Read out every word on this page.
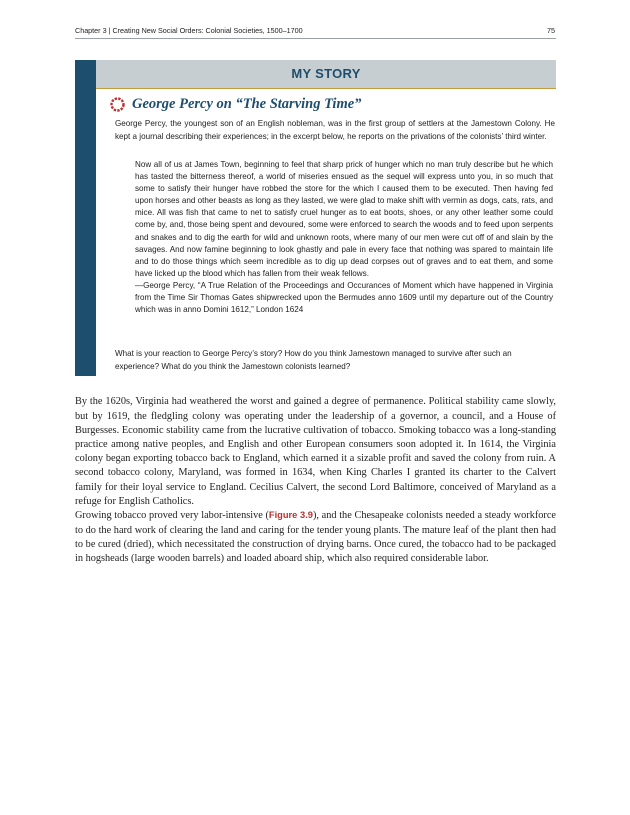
Chapter 3 | Creating New Social Orders: Colonial Societies, 1500–1700	75
MY STORY
George Percy on “The Starving Time”
George Percy, the youngest son of an English nobleman, was in the first group of settlers at the Jamestown Colony. He kept a journal describing their experiences; in the excerpt below, he reports on the privations of the colonists’ third winter.
Now all of us at James Town, beginning to feel that sharp prick of hunger which no man truly describe but he which has tasted the bitterness thereof, a world of miseries ensued as the sequel will express unto you, in so much that some to satisfy their hunger have robbed the store for the which I caused them to be executed. Then having fed upon horses and other beasts as long as they lasted, we were glad to make shift with vermin as dogs, cats, rats, and mice. All was fish that came to net to satisfy cruel hunger as to eat boots, shoes, or any other leather some could come by, and, those being spent and devoured, some were enforced to search the woods and to feed upon serpents and snakes and to dig the earth for wild and unknown roots, where many of our men were cut off of and slain by the savages. And now famine beginning to look ghastly and pale in every face that nothing was spared to maintain life and to do those things which seem incredible as to dig up dead corpses out of graves and to eat them, and some have licked up the blood which has fallen from their weak fellows.
—George Percy, “A True Relation of the Proceedings and Occurances of Moment which have happened in Virginia from the Time Sir Thomas Gates shipwrecked upon the Bermudes anno 1609 until my departure out of the Country which was in anno Domini 1612,” London 1624
What is your reaction to George Percy’s story? How do you think Jamestown managed to survive after such an experience? What do you think the Jamestown colonists learned?

By the 1620s, Virginia had weathered the worst and gained a degree of permanence. Political stability came slowly, but by 1619, the fledgling colony was operating under the leadership of a governor, a council, and a House of Burgesses. Economic stability came from the lucrative cultivation of tobacco. Smoking tobacco was a long-standing practice among native peoples, and English and other European consumers soon adopted it. In 1614, the Virginia colony began exporting tobacco back to England, which earned it a sizable profit and saved the colony from ruin. A second tobacco colony, Maryland, was formed in 1634, when King Charles I granted its charter to the Calvert family for their loyal service to England. Cecilius Calvert, the second Lord Baltimore, conceived of Maryland as a refuge for English Catholics.

Growing tobacco proved very labor-intensive (Figure 3.9), and the Chesapeake colonists needed a steady workforce to do the hard work of clearing the land and caring for the tender young plants. The mature leaf of the plant then had to be cured (dried), which necessitated the construction of drying barns. Once cured, the tobacco had to be packaged in hogsheads (large wooden barrels) and loaded aboard ship, which also required considerable labor.
